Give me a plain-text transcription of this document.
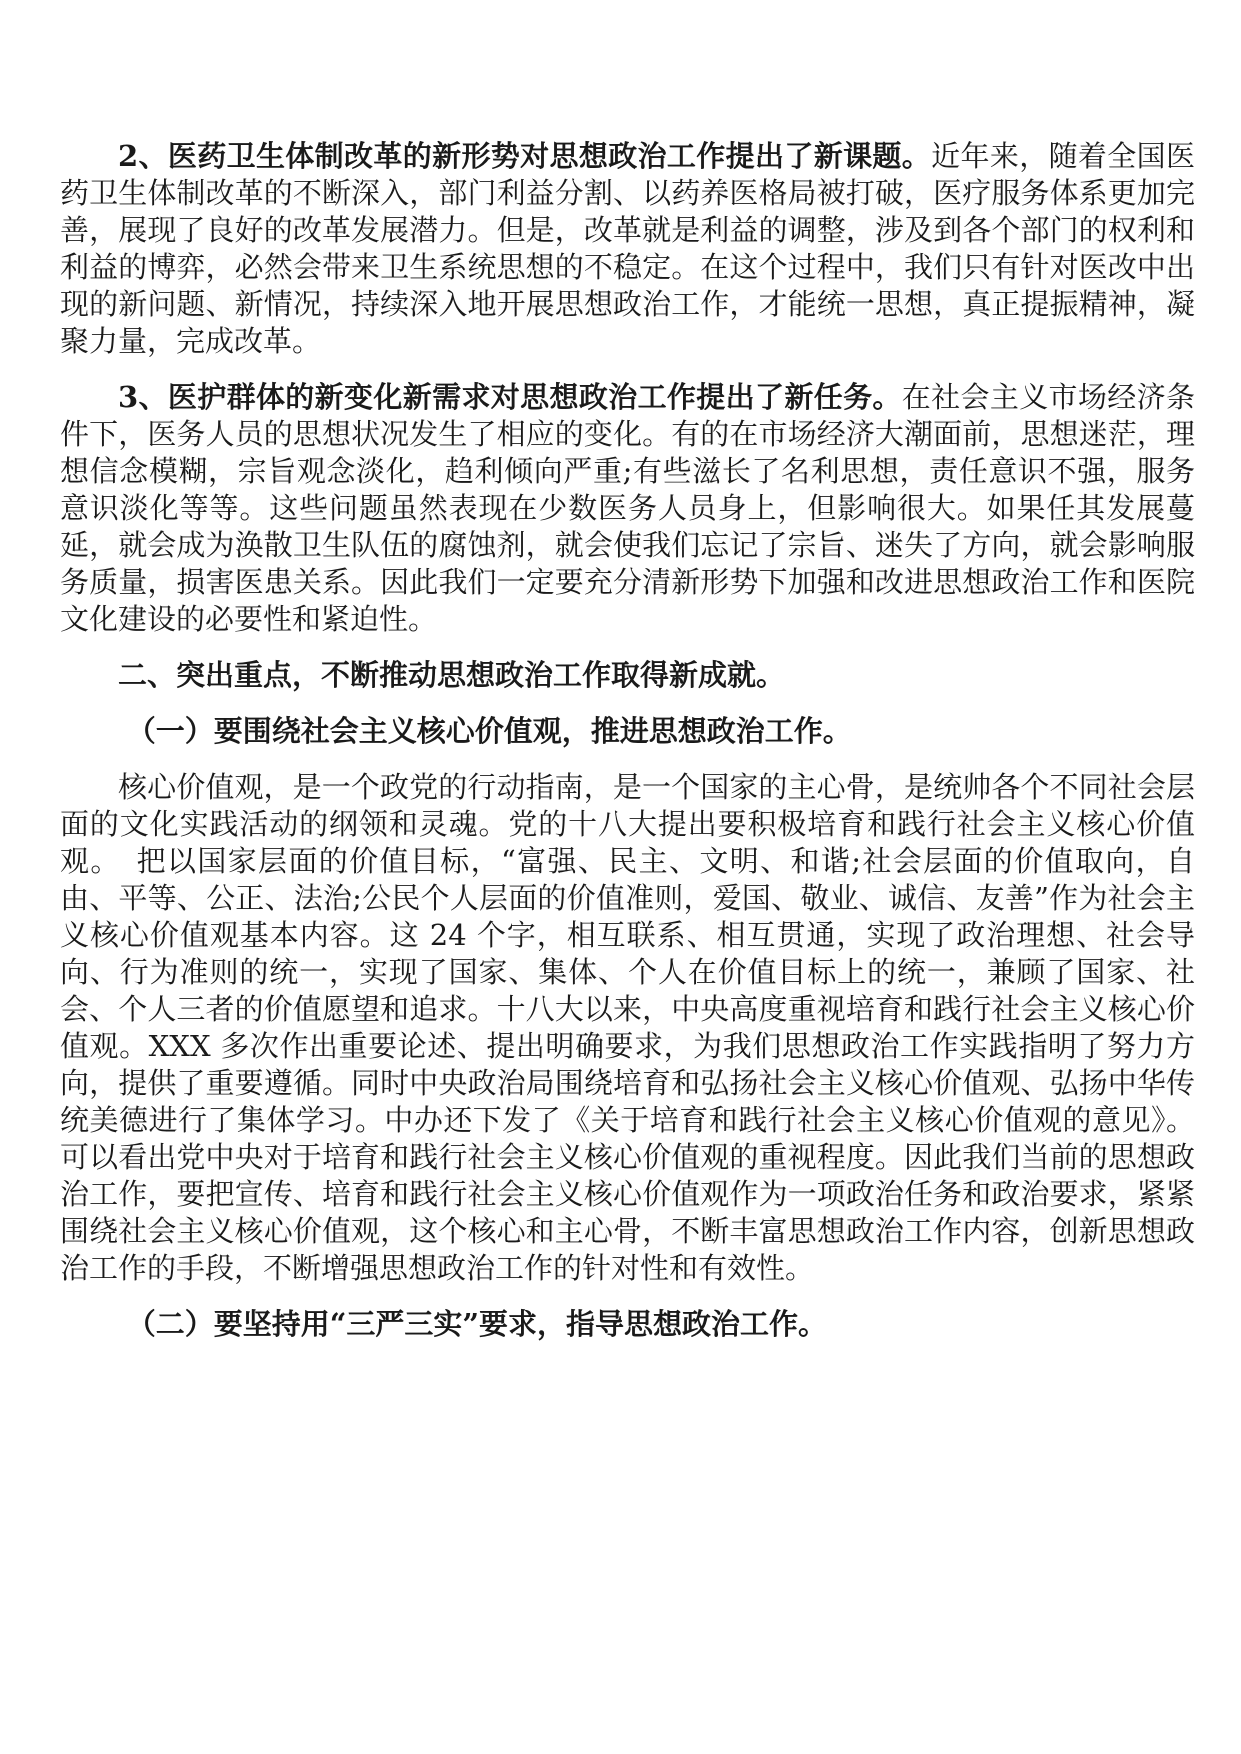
2、医药卫生体制改革的新形势对思想政治工作提出了新课题。近年来，随着全国医药卫生体制改革的不断深入，部门利益分割、以药养医格局被打破，医疗服务体系更加完善，展现了良好的改革发展潜力。但是，改革就是利益的调整，涉及到各个部门的权利和利益的博弈，必然会带来卫生系统思想的不稳定。在这个过程中，我们只有针对医改中出现的新问题、新情况，持续深入地开展思想政治工作，才能统一思想，真正提振精神，凝聚力量，完成改革。

3、医护群体的新变化新需求对思想政治工作提出了新任务。在社会主义市场经济条件下，医务人员的思想状况发生了相应的变化。有的在市场经济大潮面前，思想迷茫，理想信念模糊，宗旨观念淡化，趋利倾向严重;有些滋长了名利思想，责任意识不强，服务意识淡化等等。这些问题虽然表现在少数医务人员身上，但影响很大。如果任其发展蔓延，就会成为涣散卫生队伍的腐蚀剂，就会使我们忘记了宗旨、迷失了方向，就会影响服务质量，损害医患关系。因此我们一定要充分清新形势下加强和改进思想政治工作和医院文化建设的必要性和紧迫性。

二、突出重点，不断推动思想政治工作取得新成就。

（一）要围绕社会主义核心价值观，推进思想政治工作。

核心价值观，是一个政党的行动指南，是一个国家的主心骨，是统帅各个不同社会层面的文化实践活动的纲领和灵魂。党的十八大提出要积极培育和践行社会主义核心价值观。　把以国家层面的价值目标，“富强、民主、文明、和谐;社会层面的价值取向，自由、平等、公正、法治;公民个人层面的价值准则，爱国、敬业、诚信、友善”作为社会主义核心价值观基本内容。这 24 个字，相互联系、相互贯通，实现了政治理想、社会导向、行为准则的统一，实现了国家、集体、个人在价值目标上的统一，兼顾了国家、社会、个人三者的价值愿望和追求。十八大以来，中央高度重视培育和践行社会主义核心价值观。XXX 多次作出重要论述、提出明确要求，为我们思想政治工作实践指明了努力方向，提供了重要遵循。同时中央政治局围绕培育和弘扬社会主义核心价值观、弘扬中华传统美德进行了集体学习。中办还下发了《关于培育和践行社会主义核心价值观的意见》。可以看出党中央对于培育和践行社会主义核心价值观的重视程度。因此我们当前的思想政治工作，要把宣传、培育和践行社会主义核心价值观作为一项政治任务和政治要求，紧紧围绕社会主义核心价值观，这个核心和主心骨，不断丰富思想政治工作内容，创新思想政治工作的手段，不断增强思想政治工作的针对性和有效性。

（二）要坚持用“三严三实”要求，指导思想政治工作。
